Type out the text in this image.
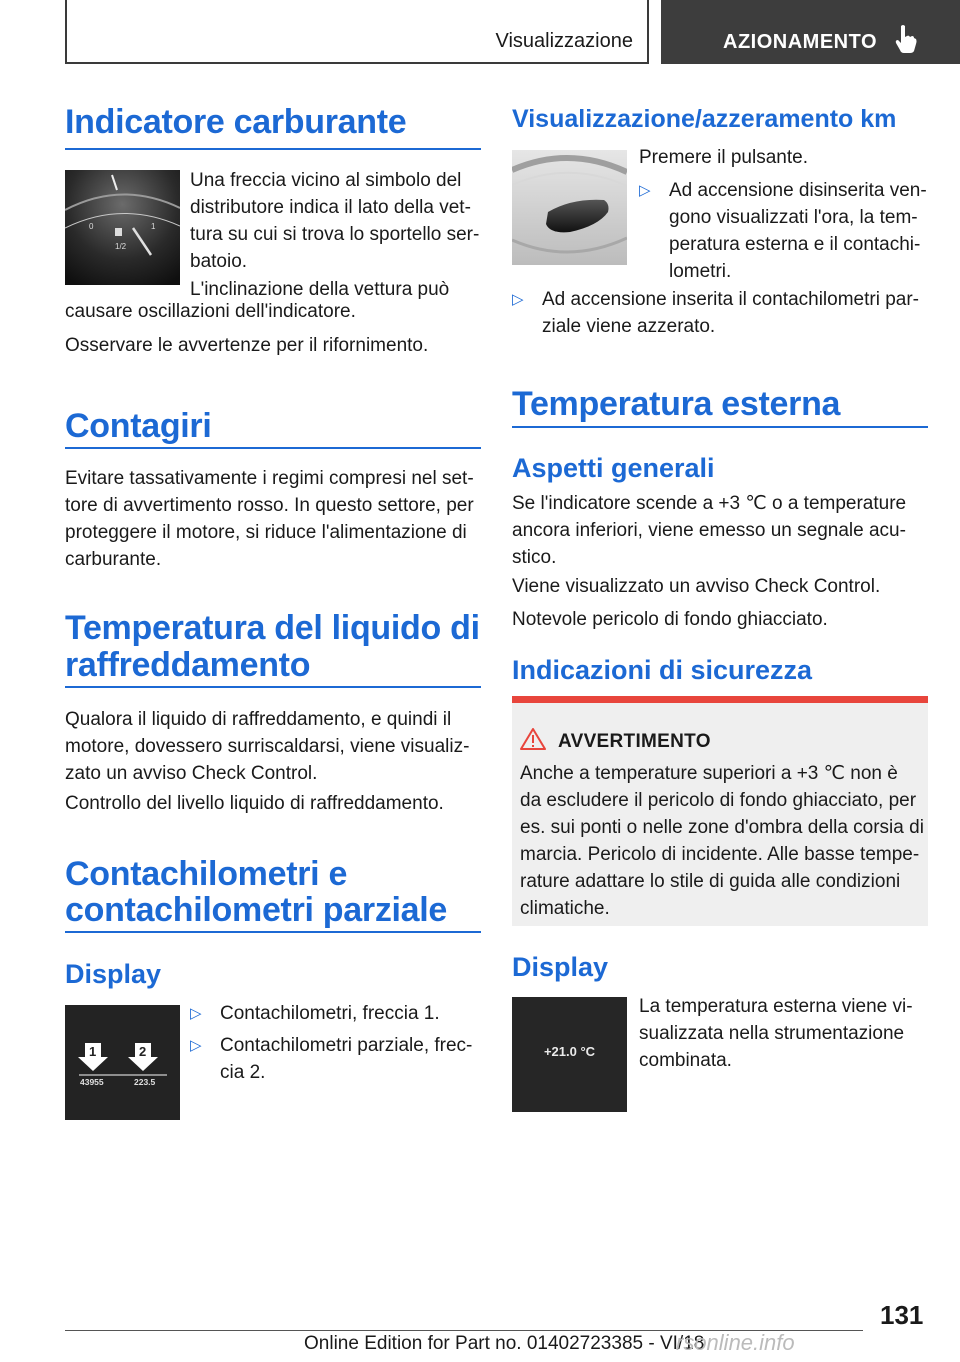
Visualizzazione	AZIONAMENTO
Indicatore carburante
0
1/2
1
Una freccia vicino al simbolo del
distributore indica il lato della vet-
tura su cui si trova lo sportello ser-
batoio.
L'inclinazione della vettura può
causare oscillazioni dell'indicatore.
Osservare le avvertenze per il rifornimento.
Contagiri
Evitare tassativamente i regimi compresi nel set-
tore di avvertimento rosso. In questo settore, per
proteggere il motore, si riduce l'alimentazione di
carburante.
Temperatura del liquido di
raffreddamento
Qualora il liquido di raffreddamento, e quindi il
motore, dovessero surriscaldarsi, viene visualiz-
zato un avviso Check Control.
Controllo del livello liquido di raffreddamento.
Contachilometri e
contachilometri parziale
Display
1	2
43955	223.5
▷ Contachilometri, freccia 1.
▷ Contachilometri parziale, frec-
cia 2.
Visualizzazione/azzeramento km
Premere il pulsante.
▷ Ad accensione disinserita ven-
gono visualizzati l'ora, la tem-
peratura esterna e il contachi-
lometri.
▷ Ad accensione inserita il contachilometri par-
ziale viene azzerato.
Temperatura esterna
Aspetti generali
Se l'indicatore scende a +3 ℃ o a temperature
ancora inferiori, viene emesso un segnale acu-
stico.
Viene visualizzato un avviso Check Control.
Notevole pericolo di fondo ghiacciato.
Indicazioni di sicurezza
AVVERTIMENTO
Anche a temperature superiori a +3 ℃ non è
da escludere il pericolo di fondo ghiacciato, per
es. sui ponti o nelle zone d'ombra della corsia di
marcia. Pericolo di incidente. Alle basse tempe-
rature adattare lo stile di guida alle condizioni
climatiche.
Display
+21.0 °C
La temperatura esterna viene vi-
sualizzata nella strumentazione
combinata.
131
Online Edition for Part no. 01402723385 - VI/18
rsonline.info
